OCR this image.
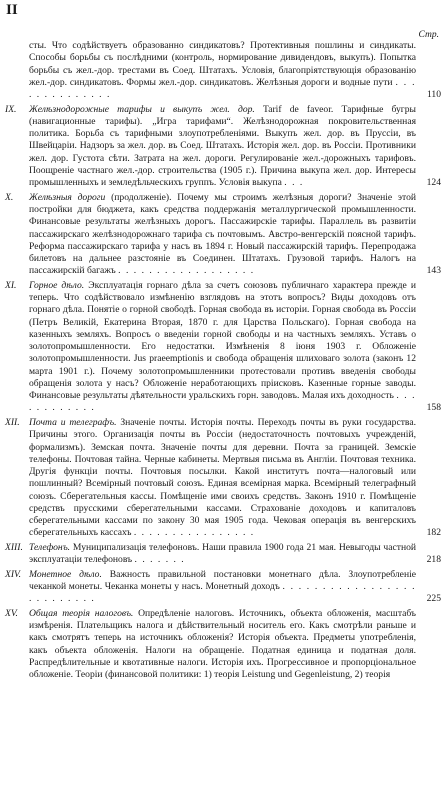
II
Стр.
сты. Что содѣйствуетъ образованно синдикатовъ? Протективныя пошлины и синдикаты. Способы борьбы съ послѣдними (контроль, нормирование дивидендовъ, выкупъ). Попытка борьбы съ жел.-дор. трестами въ Соед. Штатахъ. Условія, благопріятствующія образованію жел.-дор. синдикатовъ. Формы жел.-дор. синдикатовъ. Желѣзныя дороги и водные пути . . . . . . . . . . . . . .	110
IX. Желѣзнодорожные тарифы и выкупъ жел. дор. Tarif de faveor. Тарифные бугры (навигационные тарифы). „Игра тарифами“. Желѣзнодорожная покровительственная политика. Борьба съ тарифными злоупотребленіями. Выкупъ жел. дор. въ Пруссіи, въ Швейцаріи. Надзоръ за жел. дор. въ Соед. Штатахъ. Исторія жел. дор. въ Россіи. Противники жел. дор. Густота сѣти. Затрата на жел. дороги. Регулированіе жел.-дорожныхъ тарифовъ. Поощреніе частнаго жел.-дор. строительства (1905 г.). Причина выкупа жел. дор. Интересы промышленныхъ и земледѣльческихъ группъ. Условія выкупа . . .	124
X. Желѣзныя дороги (продолженіе). Почему мы строимъ желѣзныя дороги? Значеніе этой постройки для бюджета, какъ средства поддержанія металлургической промышленности. Финансовые результаты желѣзныхъ дорогъ. Пассажирскіе тарифы. Параллель въ развитіи пассажирскаго желѣзнодорожнаго тарифа съ почтовымъ. Австро-венгерскій поясной тарифъ. Реформа пассажирскаго тарифа у насъ въ 1894 г. Новый пассажирскій тарифъ. Перепродажа билетовъ на дальнее разстояніе въ Соединен. Штатахъ. Грузовой тарифъ. Налогъ на пассажирскій багажъ . . . . . . . . . . . . . . . . . .	143
XI. Горное дѣло. Эксплуатація горнаго дѣла за счетъ союзовъ публичнаго характера прежде и теперь. Что содѣйствовало измѣненію взглядовъ на этотъ вопросъ? Виды доходовъ отъ горнаго дѣла. Понятіе о горной свободѣ. Горная свобода въ исторіи. Горная свобода въ Россіи (Петръ Великій, Екатерина Вторая, 1870 г. для Царства Польскаго). Горная свобода на казенныхъ земляхъ. Вопросъ о введеніи горной свободы и на частныхъ земляхъ. Уставъ о золотопромышленности. Его недостатки. Измѣненія 8 іюня 1903 г. Обложеніе золотопромышленности. Jus praeemptionis и свобода обращенія шлиховаго золота (законъ 12 марта 1901 г.). Почему золотопромышленники протестовали противъ введенія свободы обращенія золота у насъ? Обложеніе неработающихъ пріисковъ. Казенные горные заводы. Финансовые результаты дѣятельности уральскихъ горн. заводовъ. Малая ихъ доходность . . . . . . . . . . . .	158
XII. Почта и телеграфъ. Значеніе почты. Исторія почты. Переходъ почты въ руки государства. Причины этого. Организація почты въ Россіи (недостаточность почтовыхъ учрежденій, формализмъ). Земская почта. Значеніе почты для деревни. Почта за границей. Земскіе телефоны. Почтовая тайна. Черные кабинеты. Мертвыя письма въ Англіи. Почтовая техника. Другія функціи почты. Почтовыя посылки. Какой институтъ почта—налоговый или пошлинный? Всемірный почтовый союзъ. Единая всемірная марка. Всемірный телеграфный союзъ. Сберегательныя кассы. Помѣщеніе ими своихъ средствъ. Законъ 1910 г. Помѣщеніе средствъ прусскими сберегательными кассами. Страхованіе доходовъ и капиталовъ сберегательными кассами по закону 30 мая 1905 года. Чековая операція въ венгерскихъ сберегательныхъ кассахъ . . . . . . . . . . . . . . . .	182
XIII. Телефонъ. Муниципализація телефоновъ. Наши правила 1900 года 21 мая. Невыгоды частной эксплуатаціи телефоновъ . . . . . . .	218
XIV. Монетное дѣло. Важность правильной постановки монетнаго дѣла. Злоупотребленіе чеканкой монеты. Чеканка монеты у насъ. Монетный доходъ . . . . . . . . . . . . . . . . . . . . . . . . . .	225
XV. Общая теорія налоговъ. Опредѣленіе налоговъ. Источникъ, объекта обложенія, масштабъ измѣренія. Плательщикъ налога и дѣйствительный носитель его. Какъ смотрѣли раньше и какъ смотрятъ теперь на источникъ обложенія? Исторія объекта. Предметы употребленія, какъ объекта обложенія. Налоги на обращеніе. Податная единица и податная доля. Распредѣлительные и квотативные налоги. Исторія ихъ. Прогрессивное и пропорціональное обложеніе. Теоріи (финансовой политики: 1) теорія Leistung und Gegenleistung, 2) теорія
